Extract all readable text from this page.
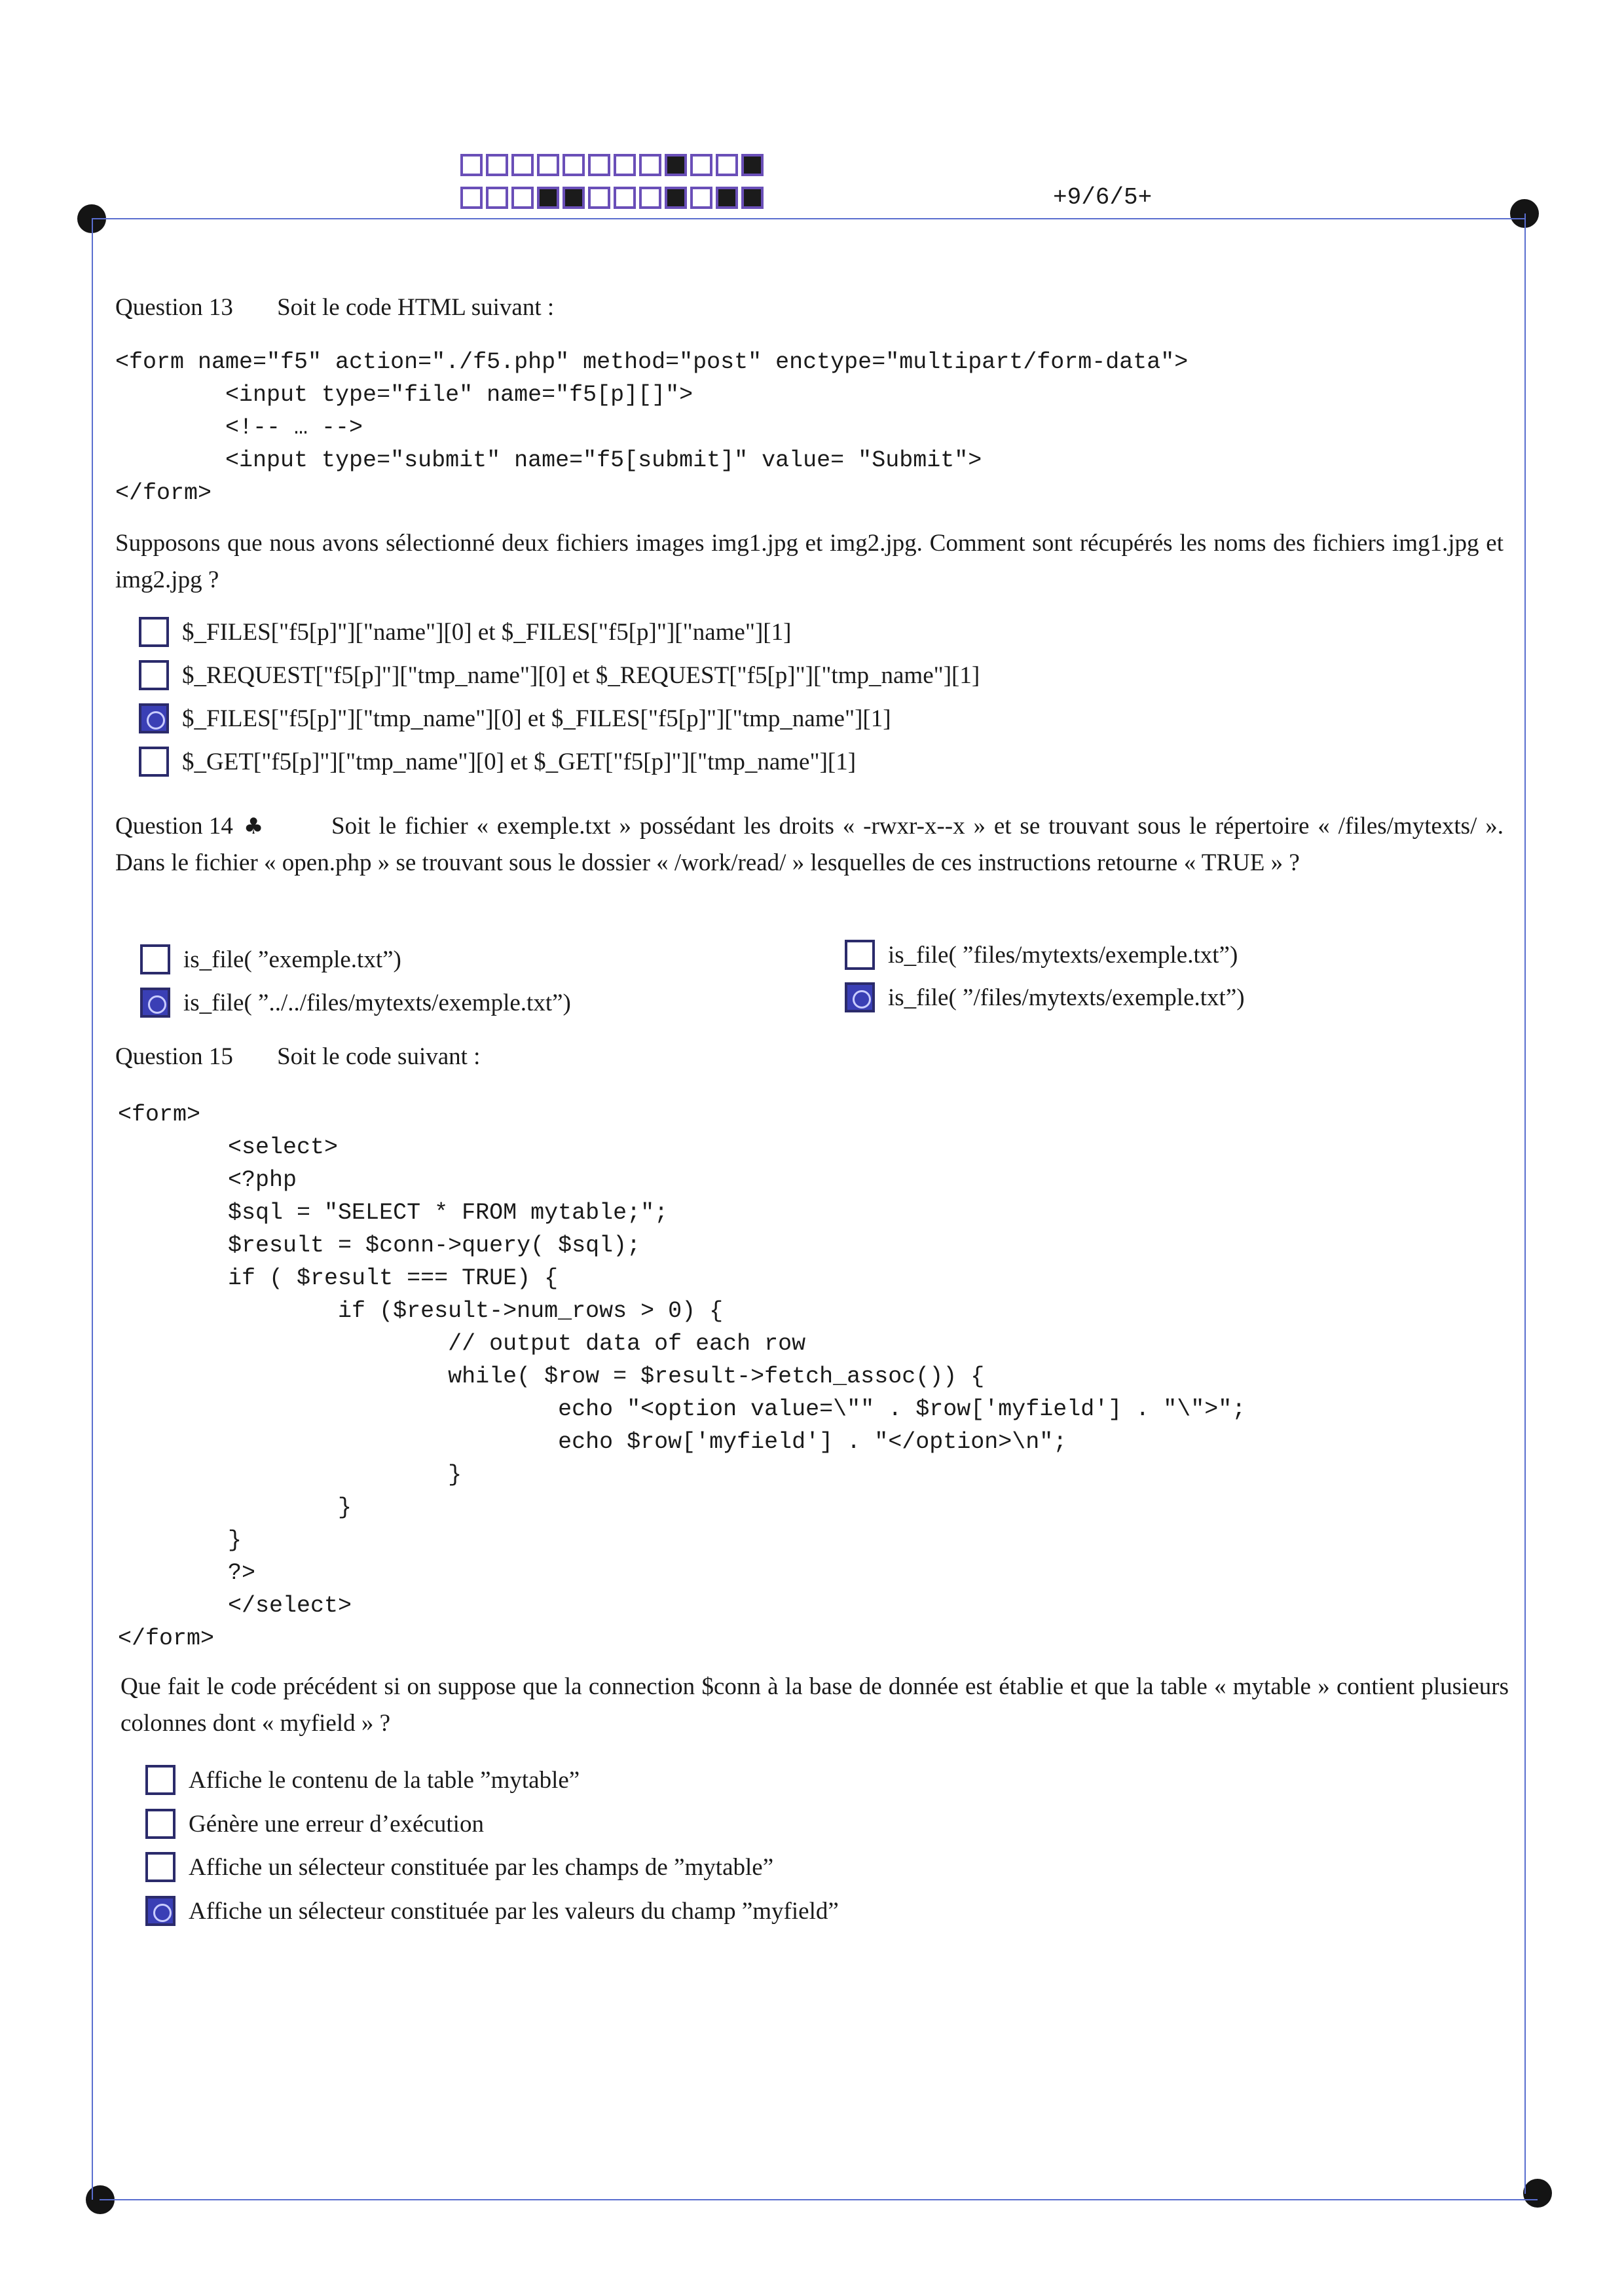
+9/6/5+
Question 13 Soit le code HTML suivant :
<form name="f5" action="./f5.php" method="post" enctype="multipart/form-data">
<input type="file" name="f5[p][]">
<!-- … -->
<input type="submit" name="f5[submit]" value= "Submit">
</form>
Supposons que nous avons sélectionné deux fichiers images img1.jpg et img2.jpg. Comment sont récupérés les noms des fichiers img1.jpg et img2.jpg ?
$_FILES["f5[p]"]["name"][0] et $_FILES["f5[p]"]["name"][1]
$_REQUEST["f5[p]"]["tmp_name"][0] et $_REQUEST["f5[p]"]["tmp_name"][1]
$_FILES["f5[p]"]["tmp_name"][0] et $_FILES["f5[p]"]["tmp_name"][1]
$_GET["f5[p]"]["tmp_name"][0] et $_GET["f5[p]"]["tmp_name"][1]
Question 14 ♣	Soit le fichier « exemple.txt » possédant les droits « -rwxr-x--x » et se trouvant sous le répertoire « /files/mytexts/ ». Dans le fichier « open.php » se trouvant sous le dossier « /work/read/ » lesquelles de ces instructions retourne « TRUE » ?
is_file( ”exemple.txt”)
is_file( ”../../files/mytexts/exemple.txt”)
is_file( ”files/mytexts/exemple.txt”)
is_file( ”/files/mytexts/exemple.txt”)
Question 15 Soit le code suivant :
<form>
<select>
<?php
$sql = "SELECT * FROM mytable;";
$result = $conn->query( $sql);
if ( $result === TRUE) {
if ($result->num_rows > 0) {
// output data of each row
while( $row = $result->fetch_assoc()) {
echo "<option value=\"" . $row['myfield'] . "\">";
echo $row['myfield'] . "</option>\n";
}
}
}
?>
</select>
</form>
Que fait le code précédent si on suppose que la connection $conn à la base de donnée est établie et que la table « mytable » contient plusieurs colonnes dont « myfield » ?
Affiche le contenu de la table ”mytable”
Génère une erreur d’exécution
Affiche un sélecteur constituée par les champs de ”mytable”
Affiche un sélecteur constituée par les valeurs du champ ”myfield”
